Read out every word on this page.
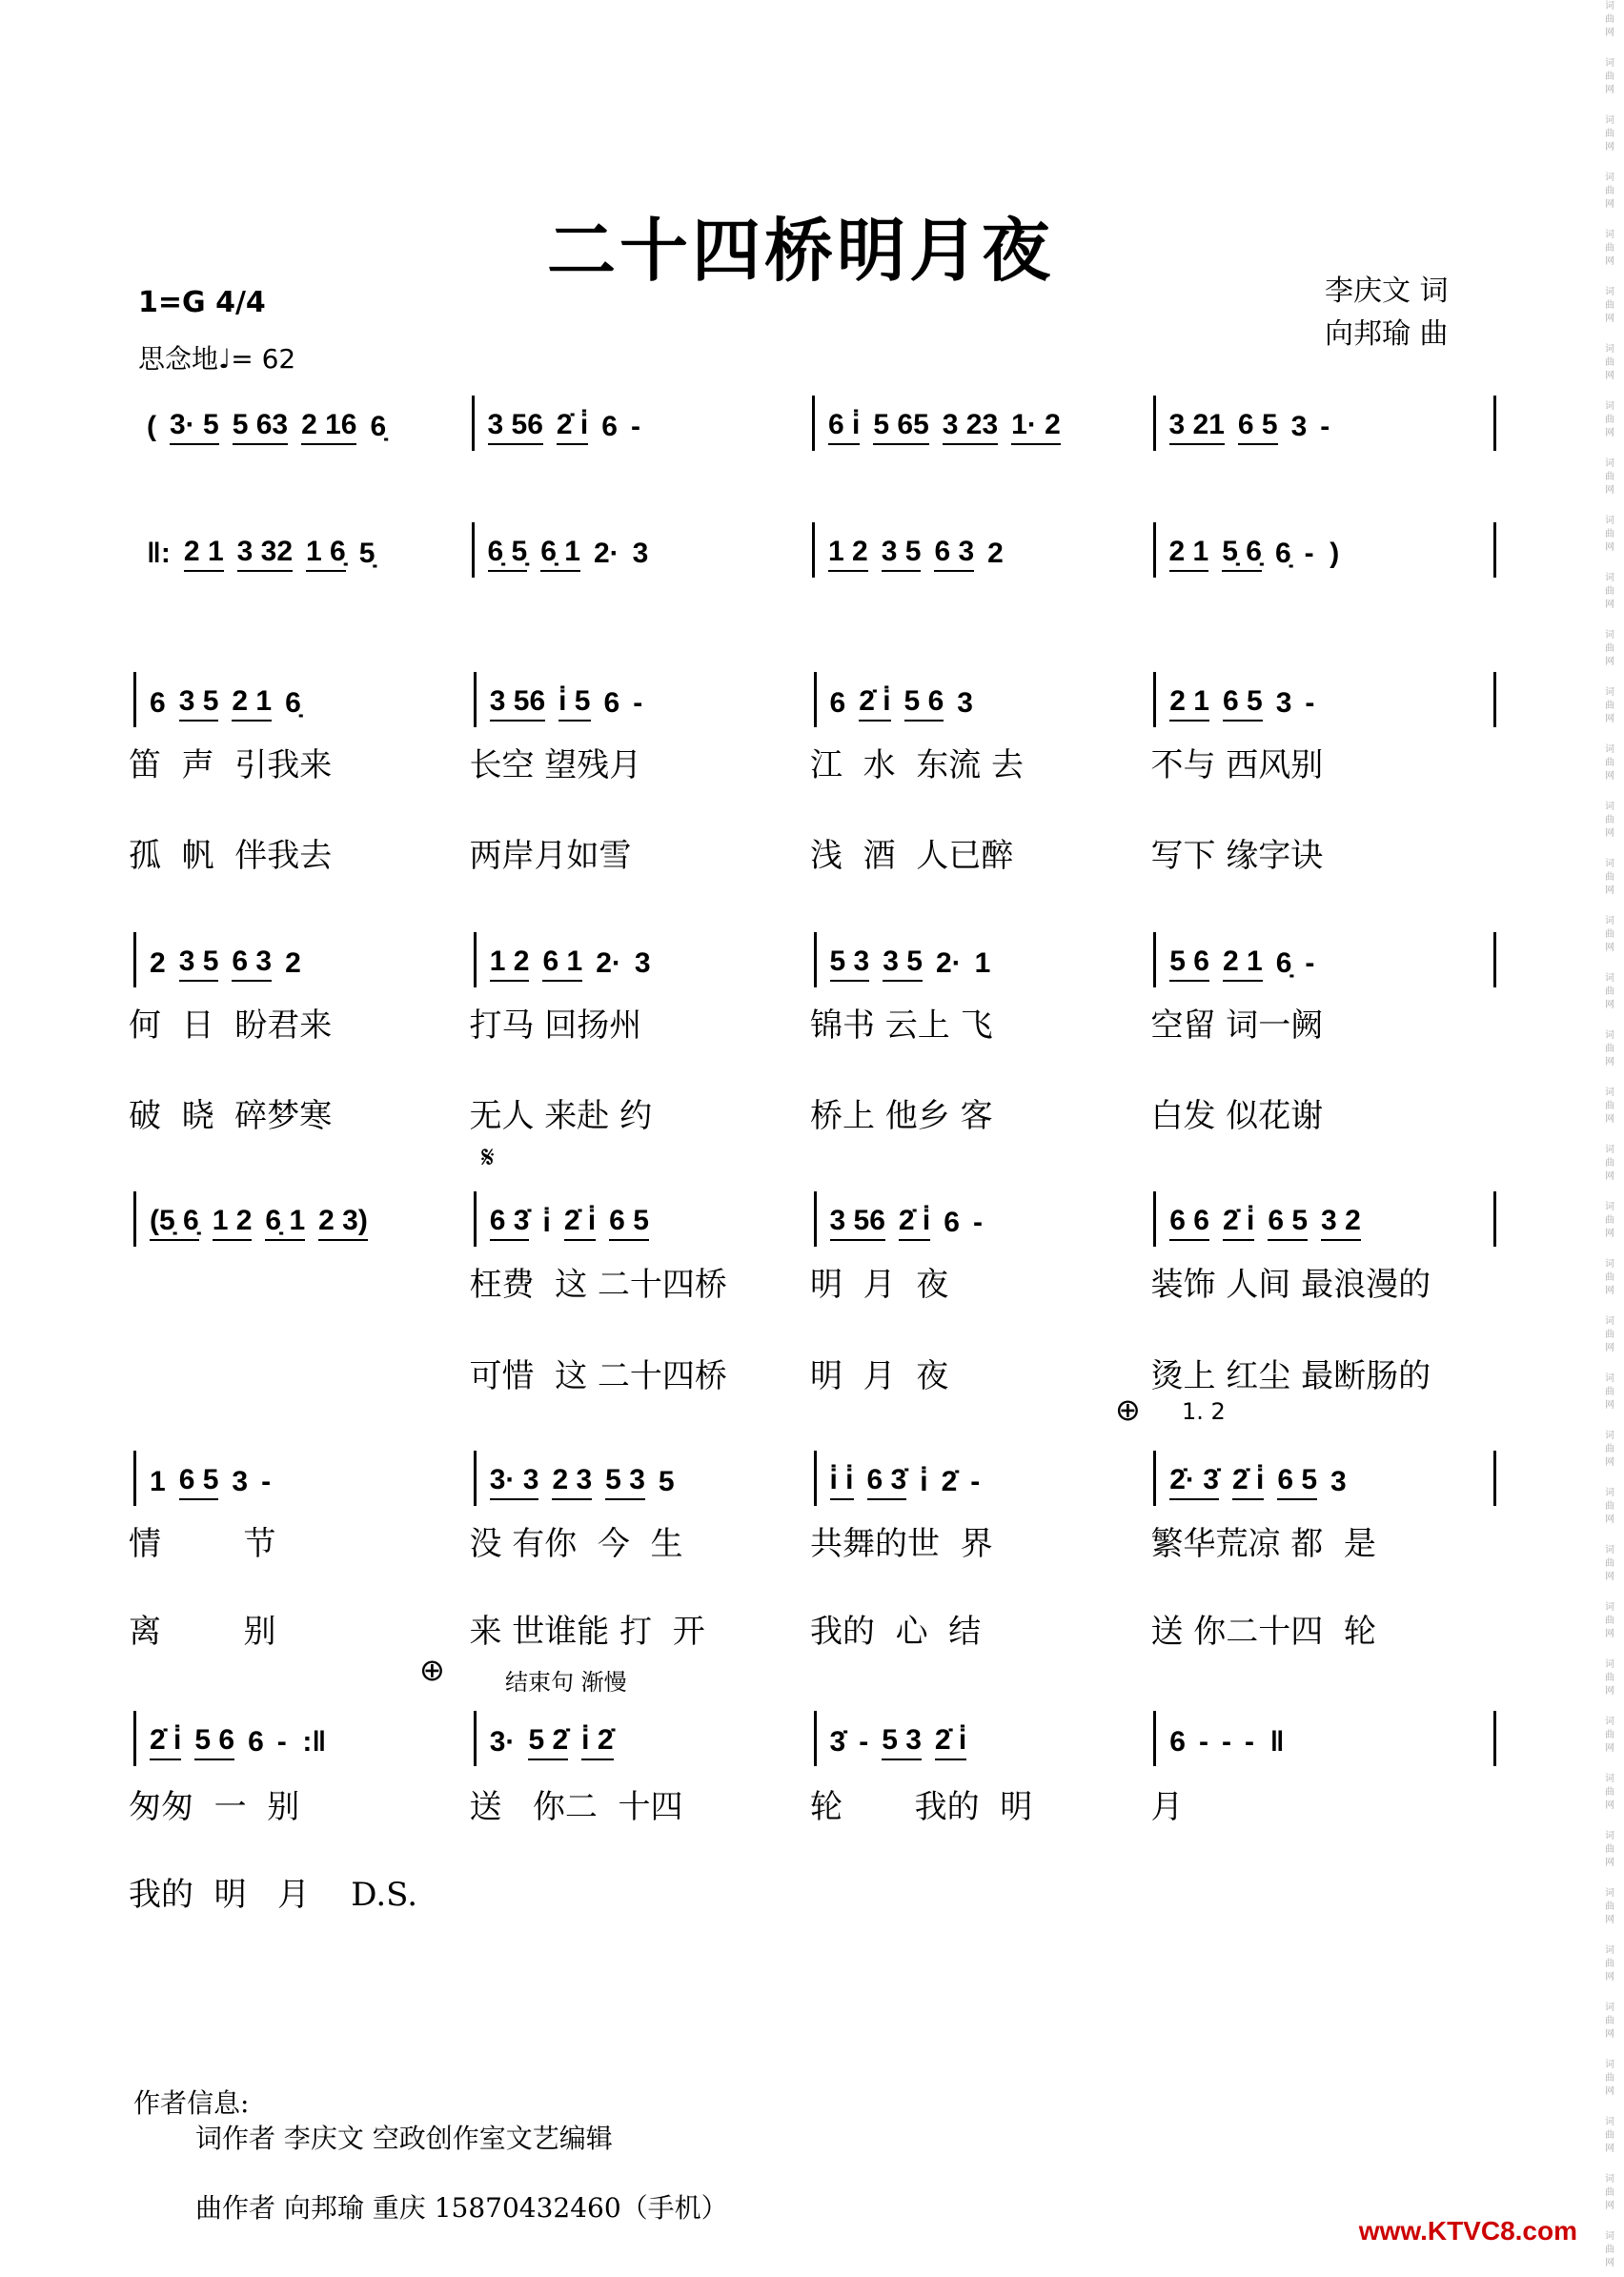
二十四桥明月夜
李庆文 词
向邦瑜 曲
1=G 4/4
思念地♩= 62
( 3· 5 5 63 2 16 6̣	3 56 2̇ i̇ 6 -	6 i̇ 5 65 3 23 1· 2	3 21 6 5 3 -
‖: 2 1 3 32 1 6̣ 5̣	6̣ 5̣ 6̣ 1 2· 3	1 2 3 5 6 3 2	2 1 5̣ 6̣ 6̣ -  )
6 3 5 2 1 6̣	3 56 i̇ 5 6 -	6 2̇ i̇ 5 6 3	2 1 6 5 3 -
笛  声  引我来	长空 望残月	江  水  东流 去	不与 西风别
孤  帆  伴我去	两岸月如雪	浅  酒  人已醉	写下 缘字诀
2 3 5 6 3 2	1 2 6 1 2· 3	5 3 3 5 2· 1	5 6 2 1 6̣ -
何  日  盼君来	打马 回扬州	锦书 云上 飞	空留 词一阙
破  晓  碎梦寒	无人 来赴 约	桥上 他乡 客	白发 似花谢
(5̣ 6̣ 1 2 6̣ 1 2 3)	6 3̇ i̇ 2̇ i̇ 6 5	3 56 2̇ i̇ 6 -	6 6 2̇ i̇ 6 5 3 2
𝄋
枉费  这 二十四桥	明  月  夜	装饰 人间 最浪漫的
可惜  这 二十四桥	明  月  夜	烫上 红尘 最断肠的
1 6 5 3 -	3· 3 2 3 5 3 5	i̇ i̇ 6 3̇ i̇ 2̇ -	2̇· 3̇ 2̇ i̇ 6 5 3
⊕ 1. 2
情        节	没 有你  今  生	共舞的世  界	繁华荒凉 都  是
离        别	来 世谁能 打  开	我的  心  结	送 你二十四  轮
2̇ i̇ 5 6 6 -  :‖	3· 5 2̇ i̇ 2̇	3̇ - 5 3 2̇ i̇	6 - - -  ‖
⊕	结束句 渐慢
匆匆  一  别	送   你二  十四	轮       我的  明	月
我的  明   月    D.S.
作者信息:
词作者 李庆文 空政创作室文艺编辑
曲作者 向邦瑜 重庆 15870432460（手机）
www.KTVC8.com
词曲网
词曲网
词曲网
词曲网
词曲网
词曲网
词曲网
词曲网
词曲网
词曲网
词曲网
词曲网
词曲网
词曲网
词曲网
词曲网
词曲网
词曲网
词曲网
词曲网
词曲网
词曲网
词曲网
词曲网
词曲网
词曲网
词曲网
词曲网
词曲网
词曲网
词曲网
词曲网
词曲网
词曲网
词曲网
词曲网
词曲网
词曲网
词曲网
词曲网
